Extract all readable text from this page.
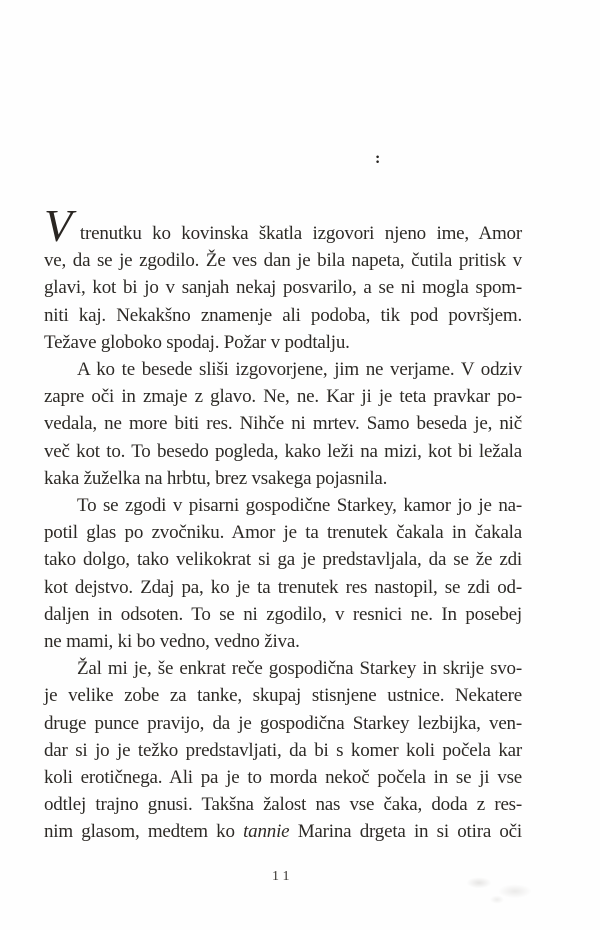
:
Vtrenutku ko kovinska škatla izgovori njeno ime, Amor
ve, da se je zgodilo. Že ves dan je bila napeta, čutila pritisk v
glavi, kot bi jo v sanjah nekaj posvarilo, a se ni mogla spom-
niti kaj. Nekakšno znamenje ali podoba, tik pod površjem.
Težave globoko spodaj. Požar v podtalju.
A ko te besede sliši izgovorjene, jim ne verjame. V odziv
zapre oči in zmaje z glavo. Ne, ne. Kar ji je teta pravkar po-
vedala, ne more biti res. Nihče ni mrtev. Samo beseda je, nič
več kot to. To besedo pogleda, kako leži na mizi, kot bi ležala
kaka žuželka na hrbtu, brez vsakega pojasnila.
To se zgodi v pisarni gospodične Starkey, kamor jo je na-
potil glas po zvočniku. Amor je ta trenutek čakala in čakala
tako dolgo, tako velikokrat si ga je predstavljala, da se že zdi
kot dejstvo. Zdaj pa, ko je ta trenutek res nastopil, se zdi od-
daljen in odsoten. To se ni zgodilo, v resnici ne. In posebej
ne mami, ki bo vedno, vedno živa.
Žal mi je, še enkrat reče gospodična Starkey in skrije svo-
je velike zobe za tanke, skupaj stisnjene ustnice. Nekatere
druge punce pravijo, da je gospodična Starkey lezbijka, ven-
dar si jo je težko predstavljati, da bi s komer koli počela kar
koli erotičnega. Ali pa je to morda nekoč počela in se ji vse
odtlej trajno gnusi. Takšna žalost nas vse čaka, doda z res-
nim glasom, medtem ko tannie Marina drgeta in si otira oči
11
